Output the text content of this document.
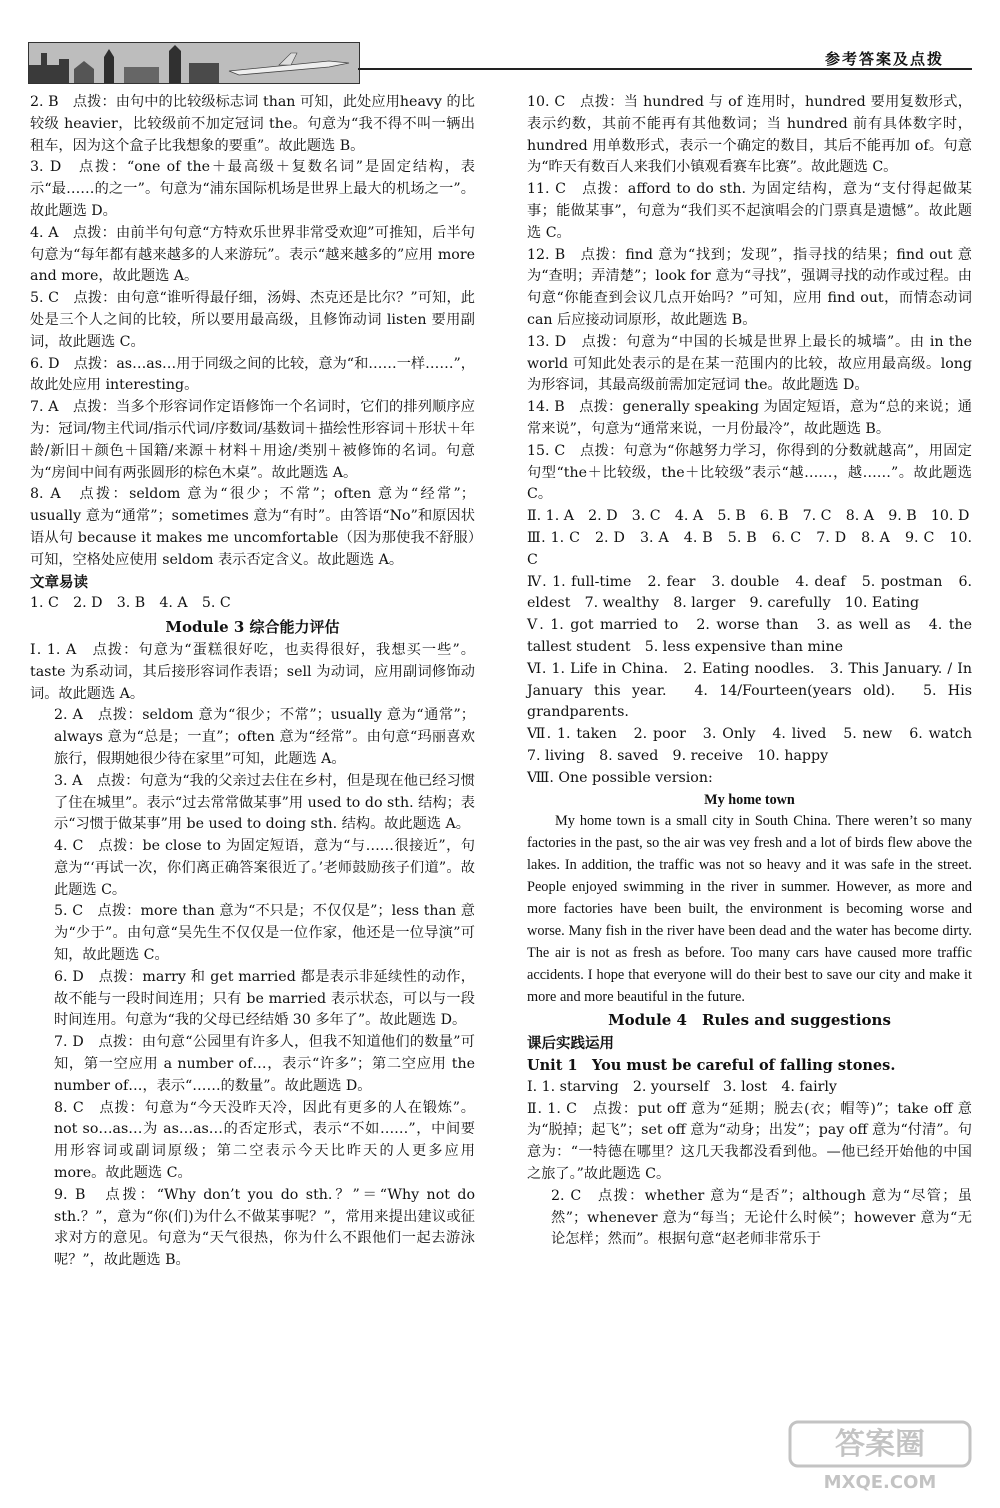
参考答案及点拨

2. B　点拨：由句中的比较级标志词 than 可知，此处应用heavy 的比较级 heavier，比较级前不加定冠词 the。句意为“我不得不叫一辆出租车，因为这个盒子比我想象的要重”。故此题选 B。

3. D　点拨：“one of the＋最高级＋复数名词”是固定结构，表示“最……的之一”。句意为“浦东国际机场是世界上最大的机场之一”。故此题选 D。

4. A　点拨：由前半句句意“方特欢乐世界非常受欢迎”可推知，后半句句意为“每年都有越来越多的人来游玩”。表示“越来越多的”应用 more and more，故此题选 A。

5. C　点拨：由句意“谁听得最仔细，汤姆、杰克还是比尔？”可知，此处是三个人之间的比较，所以要用最高级，且修饰动词 listen 要用副词，故此题选 C。

6. D　点拨：as…as…用于同级之间的比较，意为“和……一样……”，故此处应用 interesting。

7. A　点拨：当多个形容词作定语修饰一个名词时，它们的排列顺序应为：冠词/物主代词/指示代词/序数词/基数词＋描绘性形容词＋形状＋年龄/新旧＋颜色＋国籍/来源＋材料＋用途/类别＋被修饰的名词。句意为“房间中间有两张圆形的棕色木桌”。故此题选 A。

8. A　点拨：seldom 意为“很少；不常”；often 意为“经常”；usually 意为“通常”；sometimes 意为“有时”。由答语“No”和原因状语从句 because it makes me uncomfortable（因为那使我不舒服）可知，空格处应使用 seldom 表示否定含义。故此题选 A。

文章易读

1. C　2. D　3. B　4. A　5. C

Module 3 综合能力评估

Ⅰ. 1. A　点拨：句意为“蛋糕很好吃，也卖得很好，我想买一些”。taste 为系动词，其后接形容词作表语；sell 为动词，应用副词修饰动词。故此题选 A。

2. A　点拨：seldom 意为“很少；不常”；usually 意为“通常”；always 意为“总是；一直”；often 意为“经常”。由句意“玛丽喜欢旅行，假期她很少待在家里”可知，此题选 A。

3. A　点拨：句意为“我的父亲过去住在乡村，但是现在他已经习惯了住在城里”。表示“过去常常做某事”用 used to do sth. 结构；表示“习惯于做某事”用 be used to doing sth. 结构。故此题选 A。

4. C　点拨：be close to 为固定短语，意为“与……很接近”，句意为“‘再试一次，你们离正确答案很近了。’老师鼓励孩子们道”。故此题选 C。

5. C　点拨：more than 意为“不只是；不仅仅是”；less than 意为“少于”。由句意“吴先生不仅仅是一位作家，他还是一位导演”可知，故此题选 C。

6. D　点拨：marry 和 get married 都是表示非延续性的动作，故不能与一段时间连用；只有 be married 表示状态，可以与一段时间连用。句意为“我的父母已经结婚 30 多年了”。故此题选 D。

7. D　点拨：由句意“公园里有许多人，但我不知道他们的数量”可知，第一空应用 a number of…，表示“许多”；第二空应用 the number of…，表示“……的数量”。故此题选 D。

8. C　点拨：句意为“今天没昨天冷，因此有更多的人在锻炼”。not so…as…为 as…as…的否定形式，表示“不如……”，中间要用形容词或副词原级；第二空表示今天比昨天的人更多应用 more。故此题选 C。

9. B　点拨：“Why don’t you do sth.？”＝“Why not do sth.？”，意为“你(们)为什么不做某事呢？”，常用来提出建议或征求对方的意见。句意为“天气很热，你为什么不跟他们一起去游泳呢？”，故此题选 B。

10. C　点拨：当 hundred 与 of 连用时，hundred 要用复数形式，表示约数，其前不能再有其他数词；当 hundred 前有具体数字时，hundred 用单数形式，表示一个确定的数目，其后不能再加 of。句意为“昨天有数百人来我们小镇观看赛车比赛”。故此题选 C。

11. C　点拨：afford to do sth. 为固定结构，意为“支付得起做某事；能做某事”，句意为“我们买不起演唱会的门票真是遗憾”。故此题选 C。

12. B　点拨：find 意为“找到；发现”，指寻找的结果；find out 意为“查明；弄清楚”；look for 意为“寻找”，强调寻找的动作或过程。由句意“你能查到会议几点开始吗？”可知，应用 find out，而情态动词 can 后应接动词原形，故此题选 B。

13. D　点拨：句意为“中国的长城是世界上最长的城墙”。由 in the world 可知此处表示的是在某一范围内的比较，故应用最高级。long 为形容词，其最高级前需加定冠词 the。故此题选 D。

14. B　点拨：generally speaking 为固定短语，意为“总的来说；通常来说”，句意为“通常来说，一月份最冷”，故此题选 B。

15. C　点拨：句意为“你越努力学习，你得到的分数就越高”，用固定句型“the＋比较级，the＋比较级”表示“越……，越……”。故此题选 C。

Ⅱ. 1. A　2. D　3. C　4. A　5. B　6. B　7. C　8. A　9. B　10. D

Ⅲ. 1. C　2. D　3. A　4. B　5. B　6. C　7. D　8. A　9. C　10. C

Ⅳ. 1. full-time　2. fear　3. double　4. deaf　5. postman　6. eldest　7. wealthy　8. larger　9. carefully　10. Eating

Ⅴ. 1. got married to　2. worse than　3. as well as　4. the tallest student　5. less expensive than mine

Ⅵ. 1. Life in China.　2. Eating noodles.　3. This January. / In January this year.　4. 14/Fourteen(years old).　5. His grandparents.

Ⅶ. 1. taken　2. poor　3. Only　4. lived　5. new　6. watch　7. living　8. saved　9. receive　10. happy

Ⅷ. One possible version:

My home town

My home town is a small city in South China. There weren’t so many factories in the past, so the air was vey fresh and a lot of birds flew above the lakes. In addition, the traffic was not so heavy and it was safe in the street. People enjoyed swimming in the river in summer. However, as more and more factories have been built, the environment is becoming worse and worse. Many fish in the river have been dead and the water has become dirty. The air is not as fresh as before. Too many cars have caused more traffic accidents. I hope that everyone will do their best to save our city and make it more and more beautiful in the future.

Module 4　Rules and suggestions
课后实践运用
Unit 1　You must be careful of falling stones.

Ⅰ. 1. starving　2. yourself　3. lost　4. fairly

Ⅱ. 1. C　点拨：put off 意为“延期；脱去(衣；帽等)”；take off 意为“脱掉；起飞”；set off 意为“动身；出发”；pay off 意为“付清”。句意为：“一特德在哪里？这几天我都没看到他。—他已经开始他的中国之旅了。”故此题选 C。

2. C　点拨：whether 意为“是否”；although 意为“尽管；虽然”；whenever 意为“每当；无论什么时候”；however 意为“无论怎样；然而”。根据句意“赵老师非常乐于

答案圈
MXQE.COM
